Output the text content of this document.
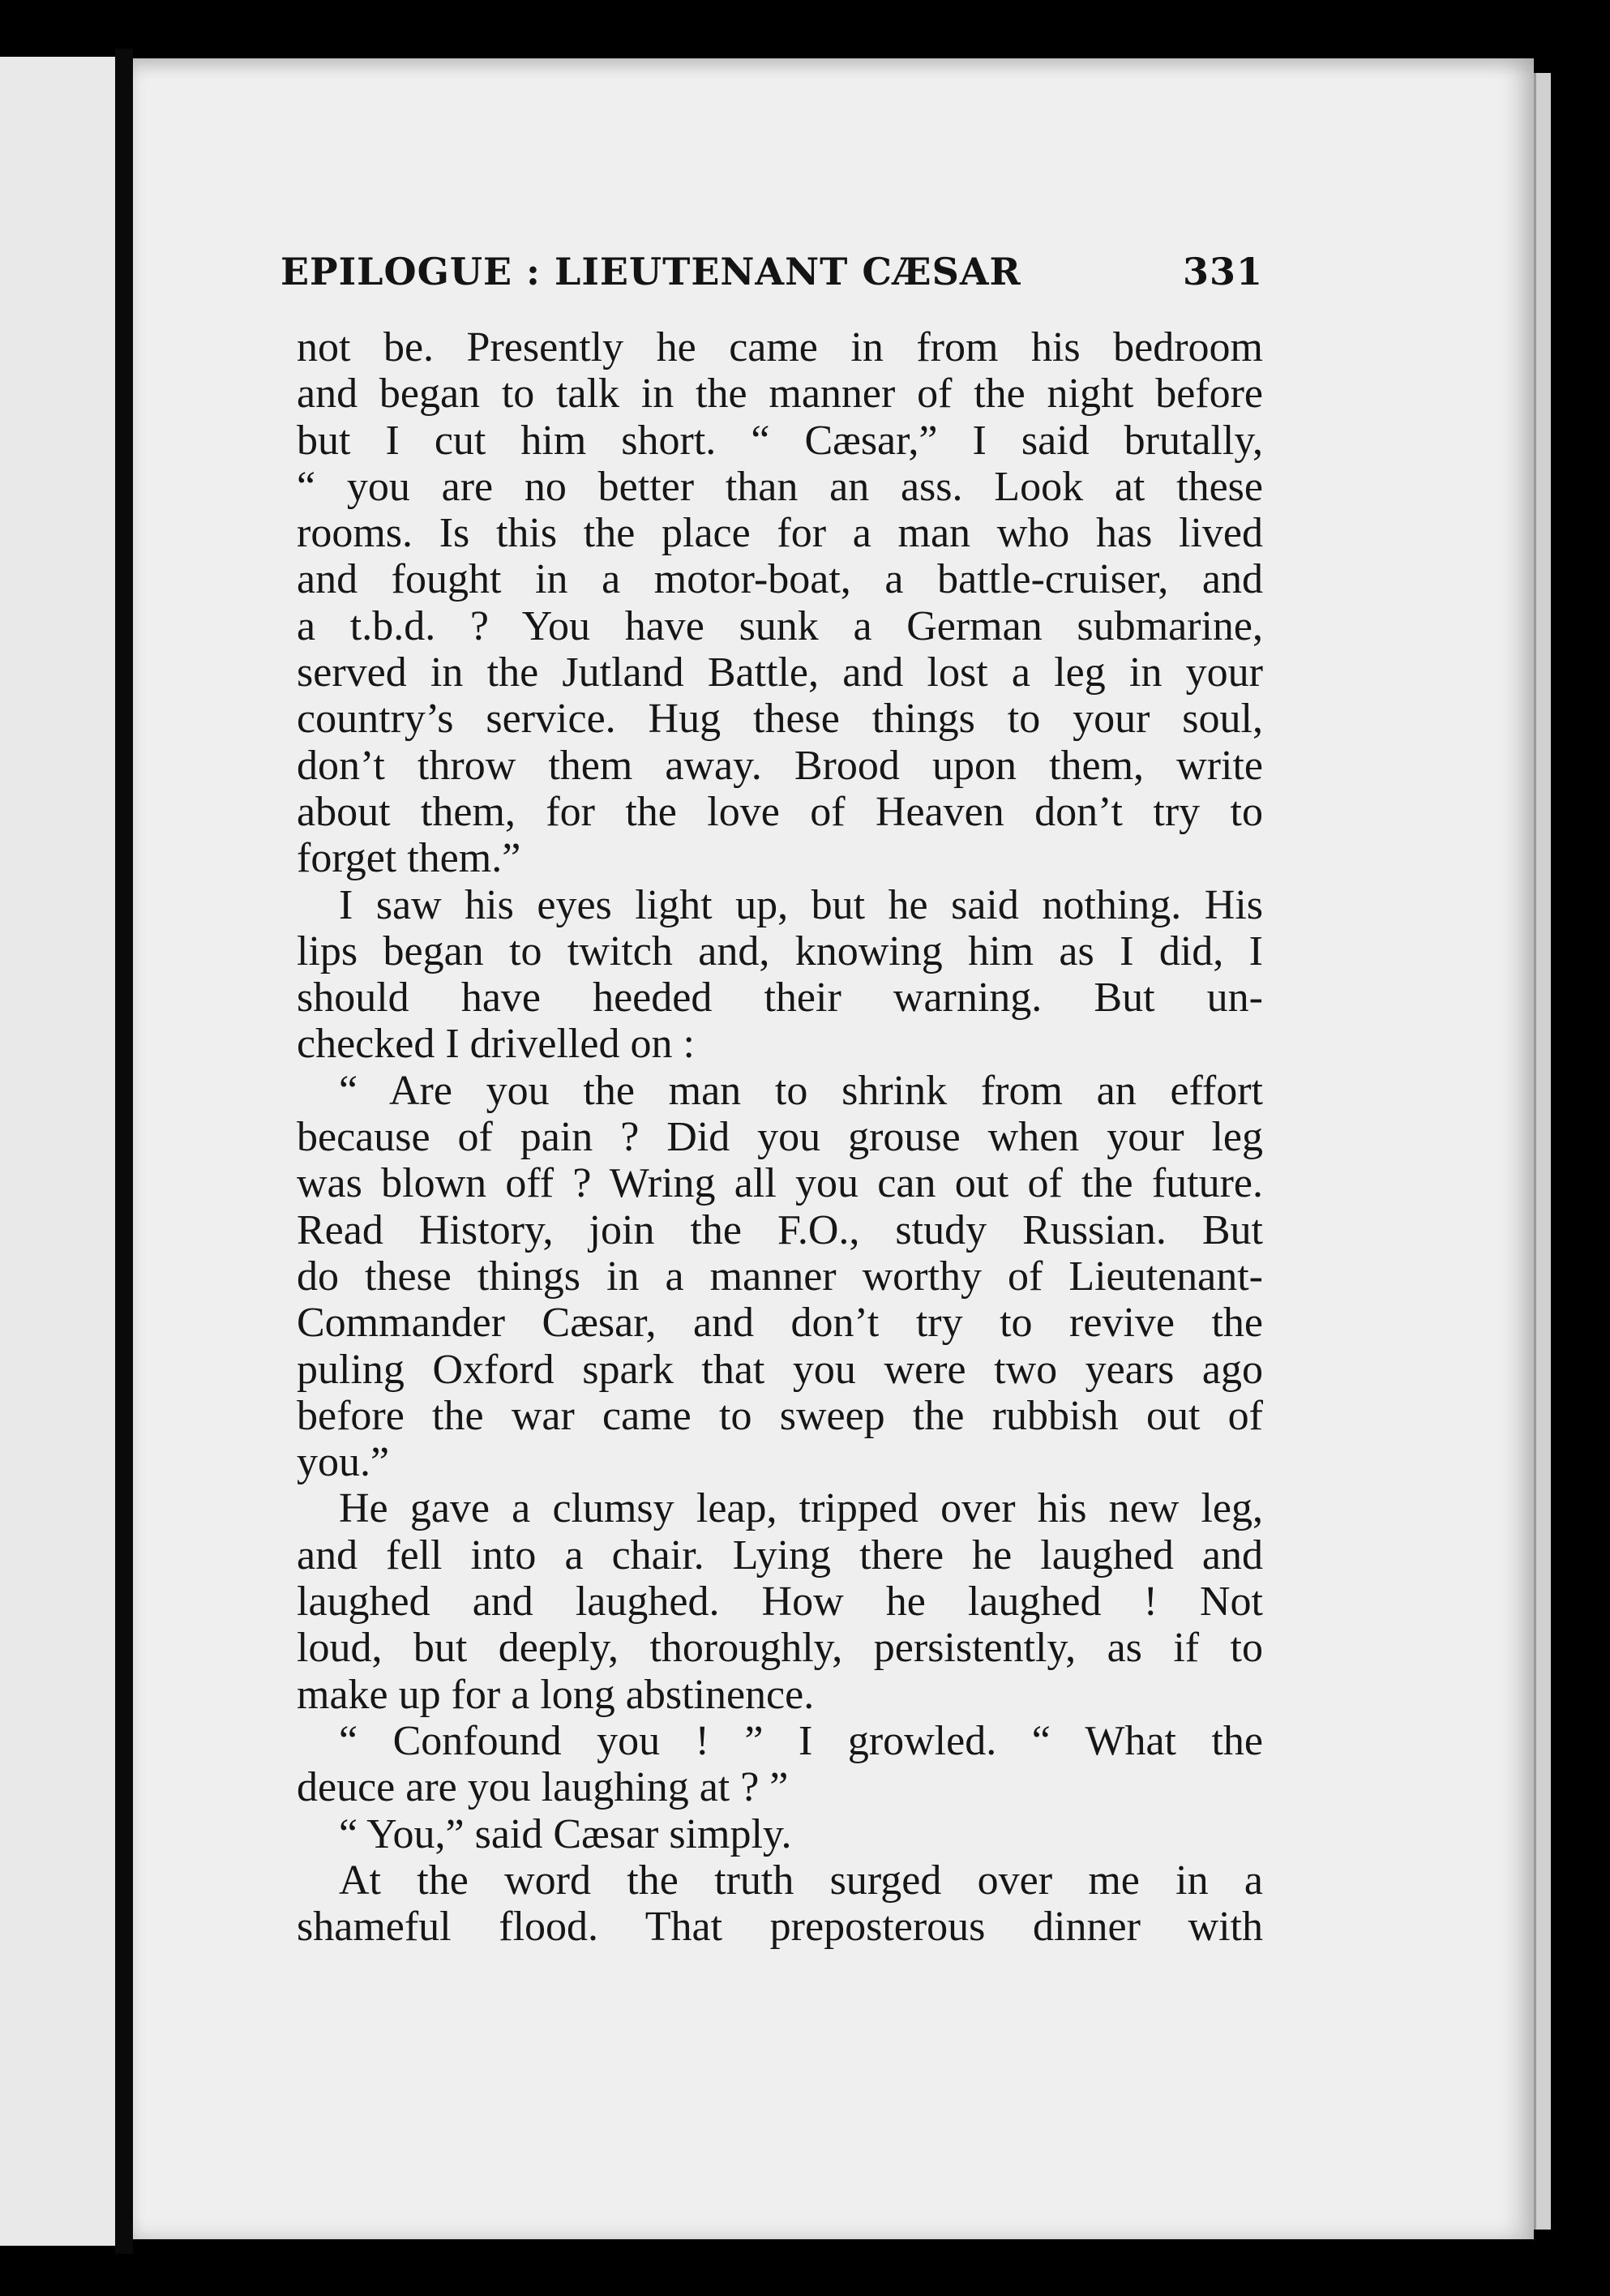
EPILOGUE : LIEUTENANT CÆSAR	331
not be. Presently he came in from his bedroom
and began to talk in the manner of the night before
but I cut him short. “ Cæsar,” I said brutally,
“ you are no better than an ass. Look at these
rooms. Is this the place for a man who has lived
and fought in a motor-boat, a battle-cruiser, and
a t.b.d. ? You have sunk a German submarine,
served in the Jutland Battle, and lost a leg in your
country’s service. Hug these things to your soul,
don’t throw them away. Brood upon them, write
about them, for the love of Heaven don’t try to
forget them.”
I saw his eyes light up, but he said nothing. His
lips began to twitch and, knowing him as I did, I
should have heeded their warning. But un-
checked I drivelled on :
“ Are you the man to shrink from an effort
because of pain ? Did you grouse when your leg
was blown off ? Wring all you can out of the future.
Read History, join the F.O., study Russian. But
do these things in a manner worthy of Lieutenant-
Commander Cæsar, and don’t try to revive the
puling Oxford spark that you were two years ago
before the war came to sweep the rubbish out of
you.”
He gave a clumsy leap, tripped over his new leg,
and fell into a chair. Lying there he laughed and
laughed and laughed. How he laughed ! Not
loud, but deeply, thoroughly, persistently, as if to
make up for a long abstinence.
“ Confound you ! ” I growled. “ What the
deuce are you laughing at ? ”
“ You,” said Cæsar simply.
At the word the truth surged over me in a
shameful flood. That preposterous dinner with
